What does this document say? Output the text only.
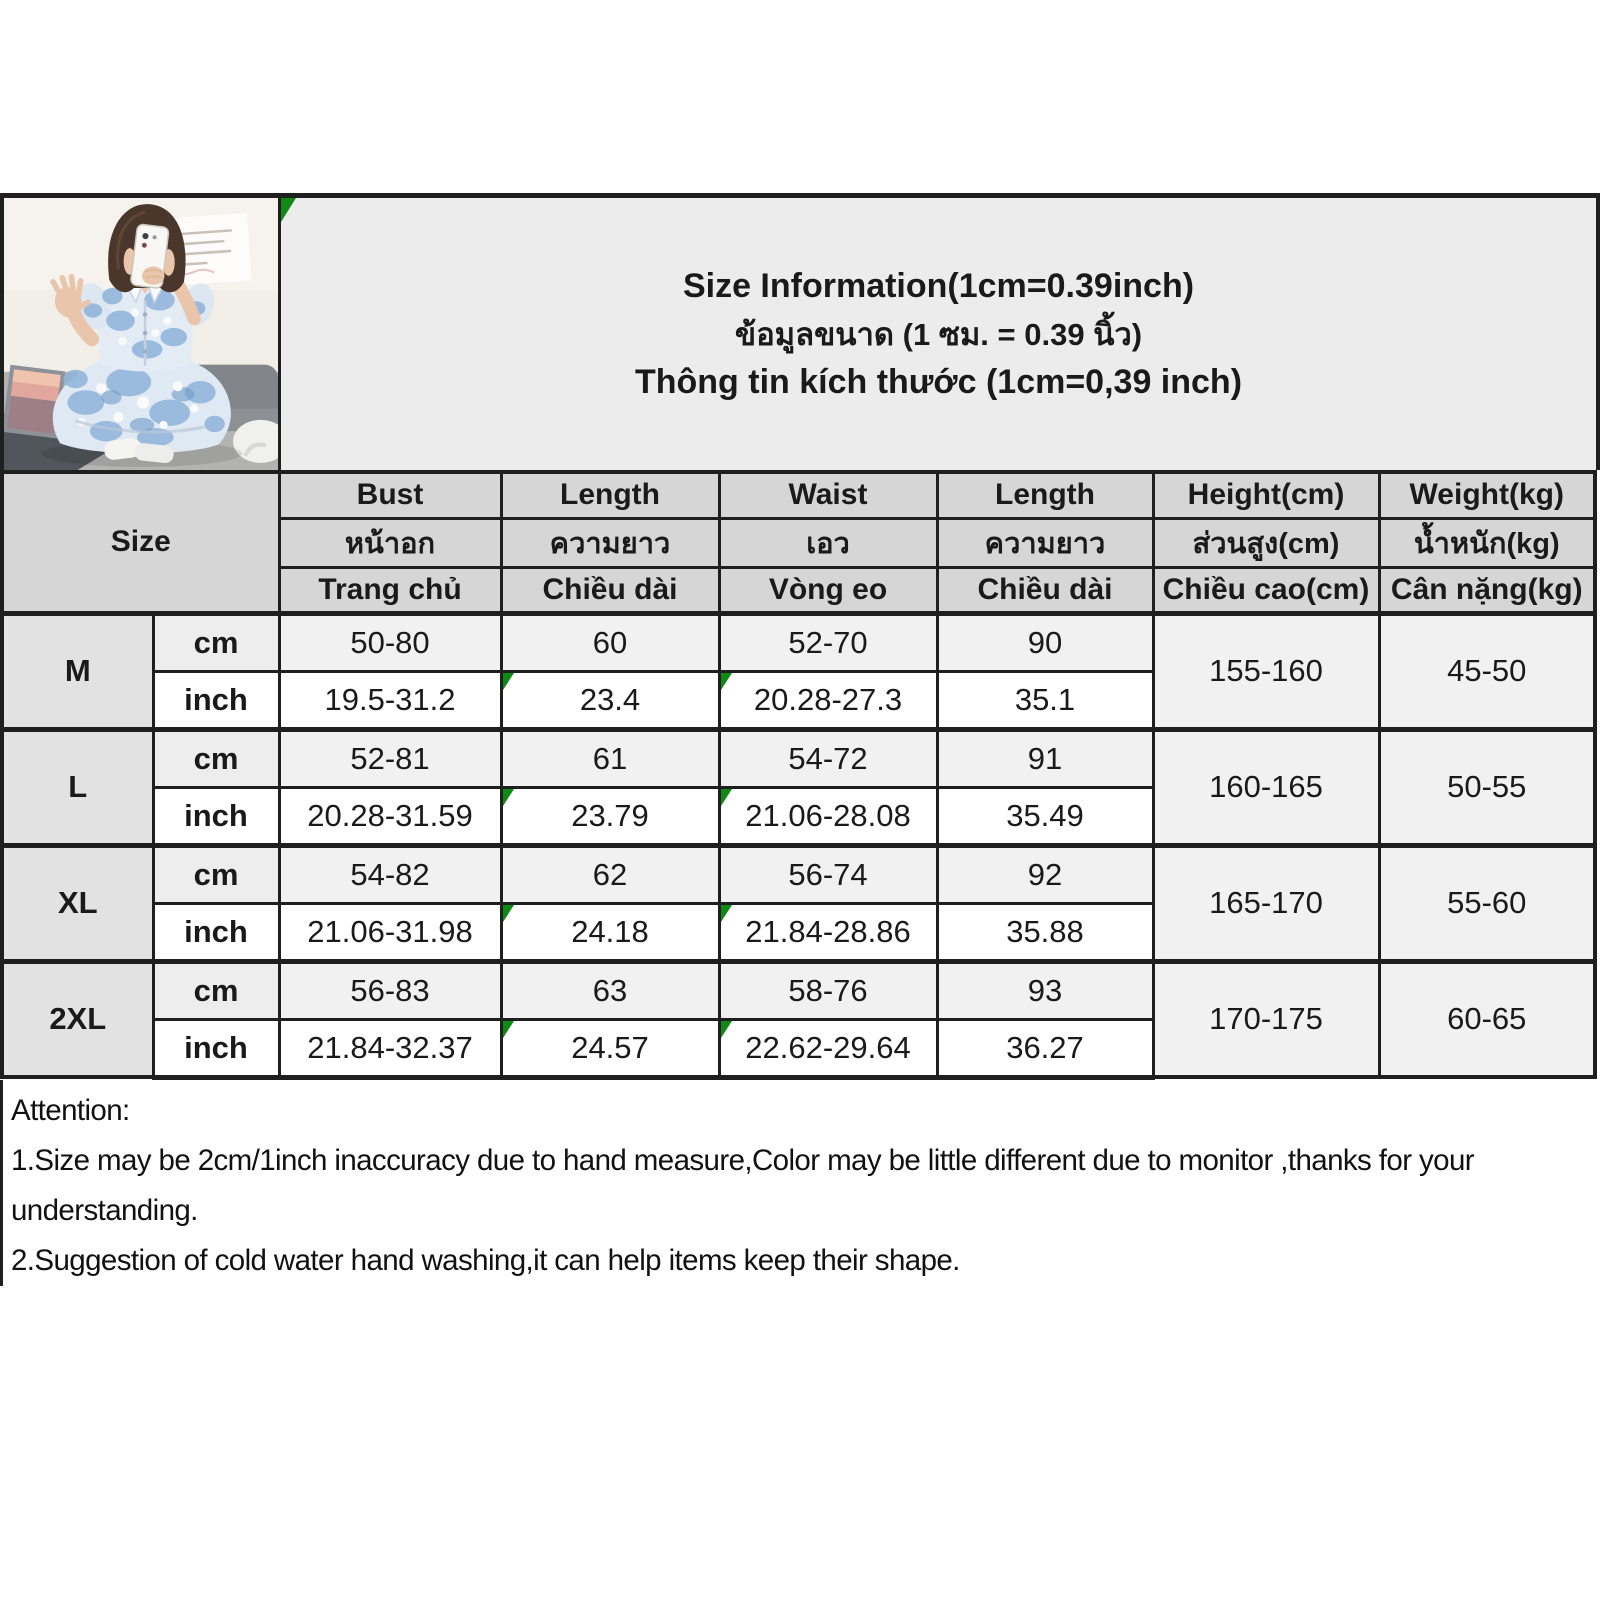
Size Information(1cm=0.39inch)
ข้อมูลขนาด (1 ซม. = 0.39 นิ้ว)
Thông tin kích thước (1cm=0,39 inch)
Size		Bust	Length	Waist	Length	Height(cm)	Weight(kg)
		หน้าอก	ความยาว	เอว	ความยาว	ส่วนสูง(cm)	น้ำหนัก(kg)
		Trang chủ	Chiều dài	Vòng eo	Chiều dài	Chiều cao(cm)	Cân nặng(kg)
M	cm	50-80	60	52-70	90	155-160	45-50
	inch	19.5-31.2	23.4	20.28-27.3	35.1		
L	cm	52-81	61	54-72	91	160-165	50-55
	inch	20.28-31.59	23.79	21.06-28.08	35.49		
XL	cm	54-82	62	56-74	92	165-170	55-60
	inch	21.06-31.98	24.18	21.84-28.86	35.88		
2XL	cm	56-83	63	58-76	93	170-175	60-65
	inch	21.84-32.37	24.57	22.62-29.64	36.27		
Attention:
1.Size may be 2cm/1inch inaccuracy due to hand measure,Color may be little different due to monitor ,thanks for your understanding.
2.Suggestion of cold water hand washing,it can help items keep their shape.
